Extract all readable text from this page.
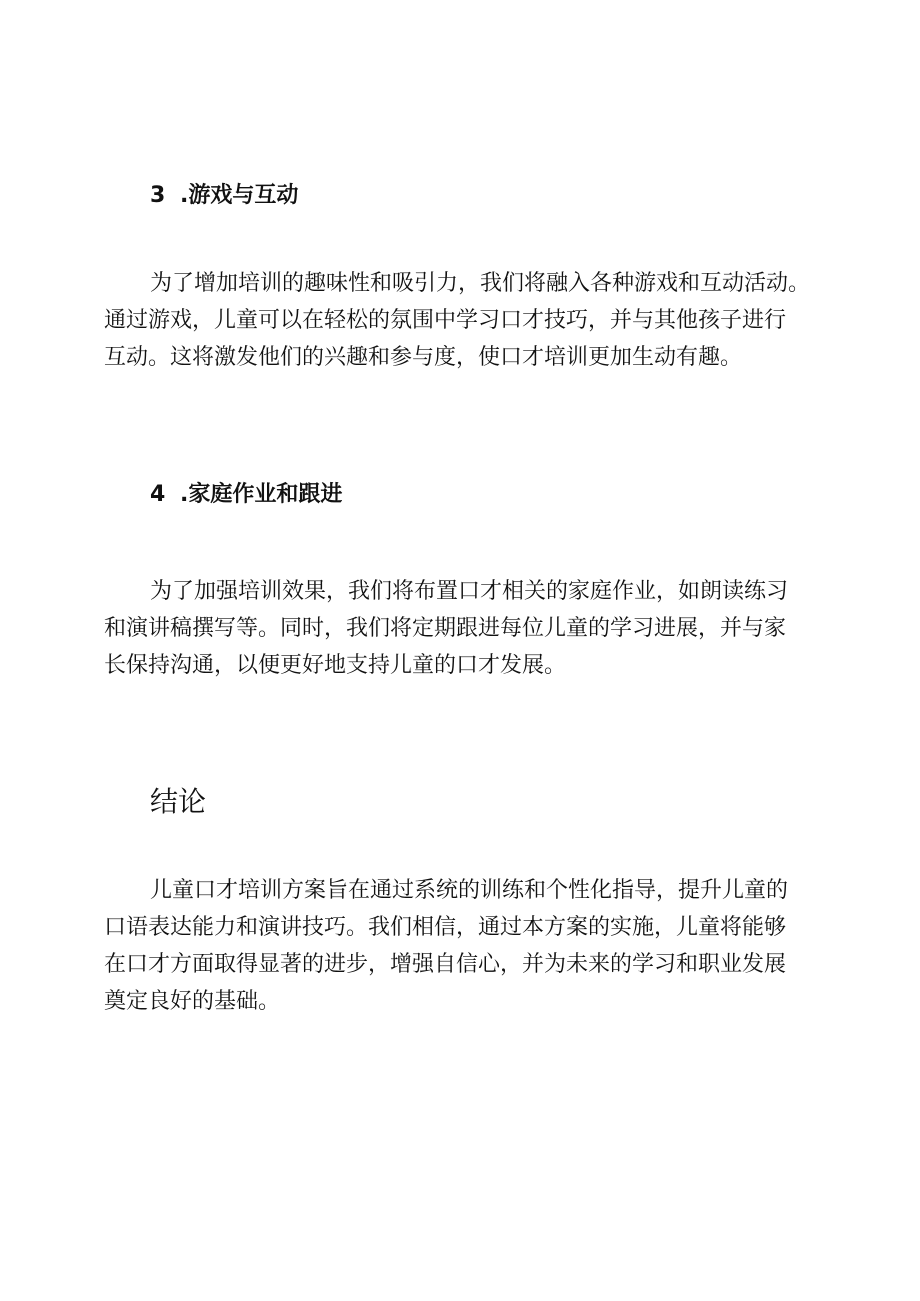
3 .游戏与互动
为了增加培训的趣味性和吸引力，我们将融入各种游戏和互动活动。
通过游戏，儿童可以在轻松的氛围中学习口才技巧，并与其他孩子进行
互动。这将激发他们的兴趣和参与度，使口才培训更加生动有趣。
4 .家庭作业和跟进
为了加强培训效果，我们将布置口才相关的家庭作业，如朗读练习
和演讲稿撰写等。同时，我们将定期跟进每位儿童的学习进展，并与家
长保持沟通，以便更好地支持儿童的口才发展。
结论
儿童口才培训方案旨在通过系统的训练和个性化指导，提升儿童的
口语表达能力和演讲技巧。我们相信，通过本方案的实施，儿童将能够
在口才方面取得显著的进步，增强自信心，并为未来的学习和职业发展
奠定良好的基础。
